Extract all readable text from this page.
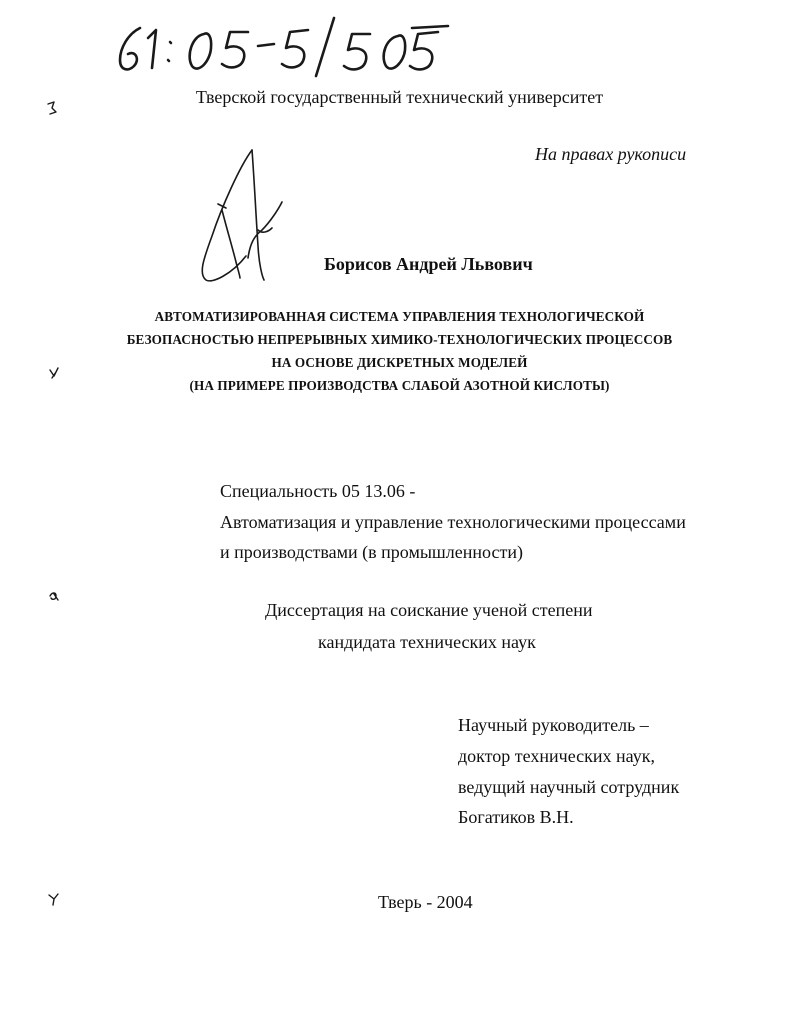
Тверской государственный технический университет
На правах рукописи
Борисов Андрей Львович
АВТОМАТИЗИРОВАННАЯ СИСТЕМА УПРАВЛЕНИЯ ТЕХНОЛОГИЧЕСКОЙ
БЕЗОПАСНОСТЬЮ НЕПРЕРЫВНЫХ ХИМИКО-ТЕХНОЛОГИЧЕСКИХ ПРОЦЕССОВ
НА ОСНОВЕ ДИСКРЕТНЫХ МОДЕЛЕЙ
(НА ПРИМЕРЕ ПРОИЗВОДСТВА СЛАБОЙ АЗОТНОЙ КИСЛОТЫ)
Специальность 05 13.06 -
Автоматизация и управление технологическими процессами
и производствами (в промышленности)
Диссертация на соискание ученой степени
кандидата технических наук
Научный руководитель –
доктор технических наук,
ведущий научный сотрудник
Богатиков В.Н.
Тверь - 2004
